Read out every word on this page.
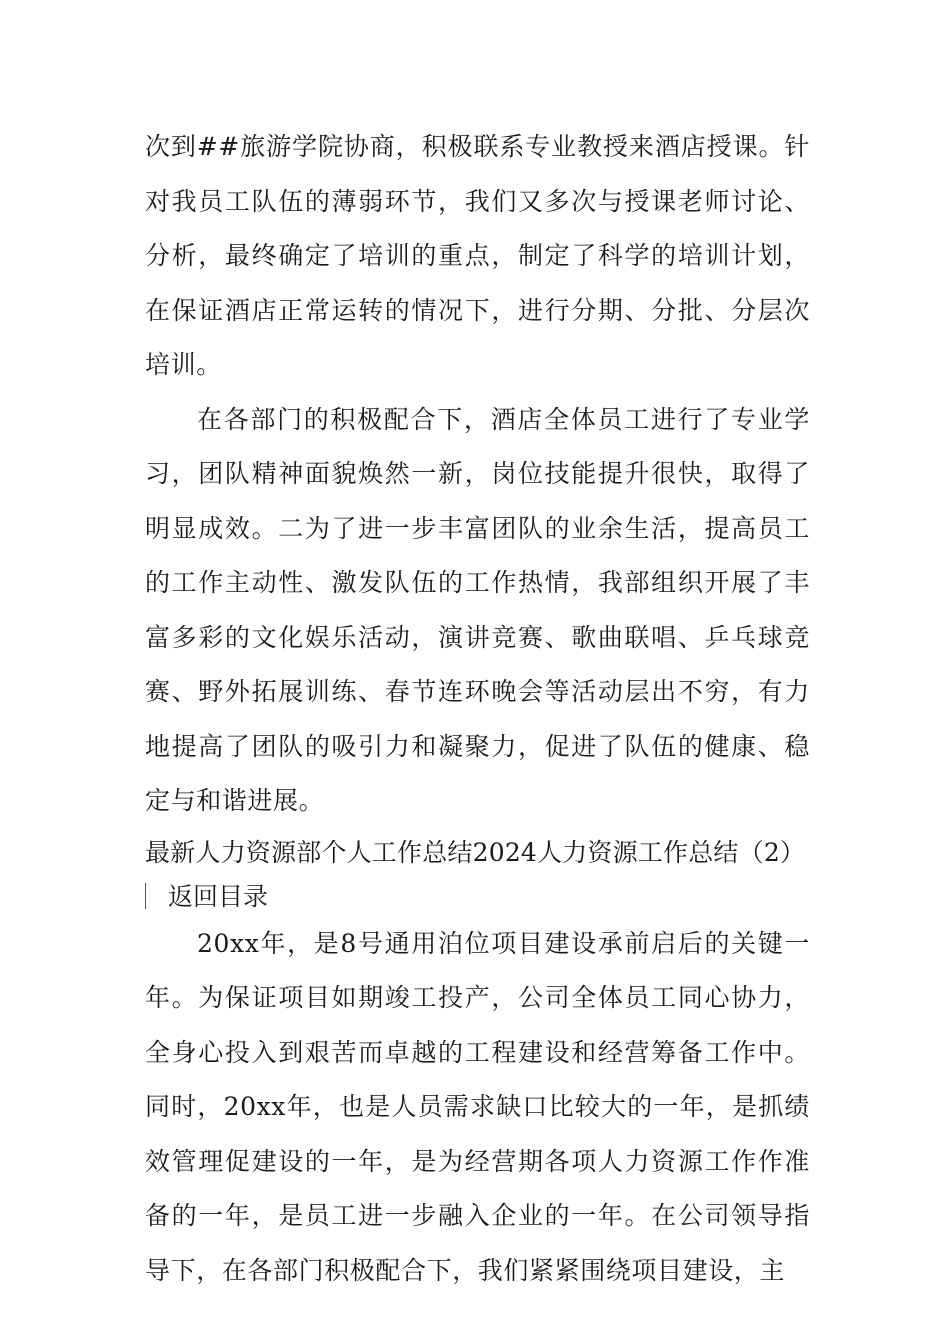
次到##旅游学院协商，积极联系专业教授来酒店授课。针对我员工队伍的薄弱环节，我们又多次与授课老师讨论、分析，最终确定了培训的重点，制定了科学的培训计划，在保证酒店正常运转的情况下，进行分期、分批、分层次培训。

在各部门的积极配合下，酒店全体员工进行了专业学习，团队精神面貌焕然一新，岗位技能提升很快，取得了明显成效。二为了进一步丰富团队的业余生活，提高员工的工作主动性、激发队伍的工作热情，我部组织开展了丰富多彩的文化娱乐活动，演讲竞赛、歌曲联唱、乒乓球竞赛、野外拓展训练、春节连环晚会等活动层出不穷，有力地提高了团队的吸引力和凝聚力，促进了队伍的健康、稳定与和谐进展。

最新人力资源部个人工作总结2024人力资源工作总结（2）

返回目录

20xx年，是8号通用泊位项目建设承前启后的关键一年。为保证项目如期竣工投产，公司全体员工同心协力，全身心投入到艰苦而卓越的工程建设和经营筹备工作中。同时，20xx年，也是人员需求缺口比较大的一年，是抓绩效管理促建设的一年，是为经营期各项人力资源工作作准备的一年，是员工进一步融入企业的一年。在公司领导指导下，在各部门积极配合下，我们紧紧围绕项目建设，主
